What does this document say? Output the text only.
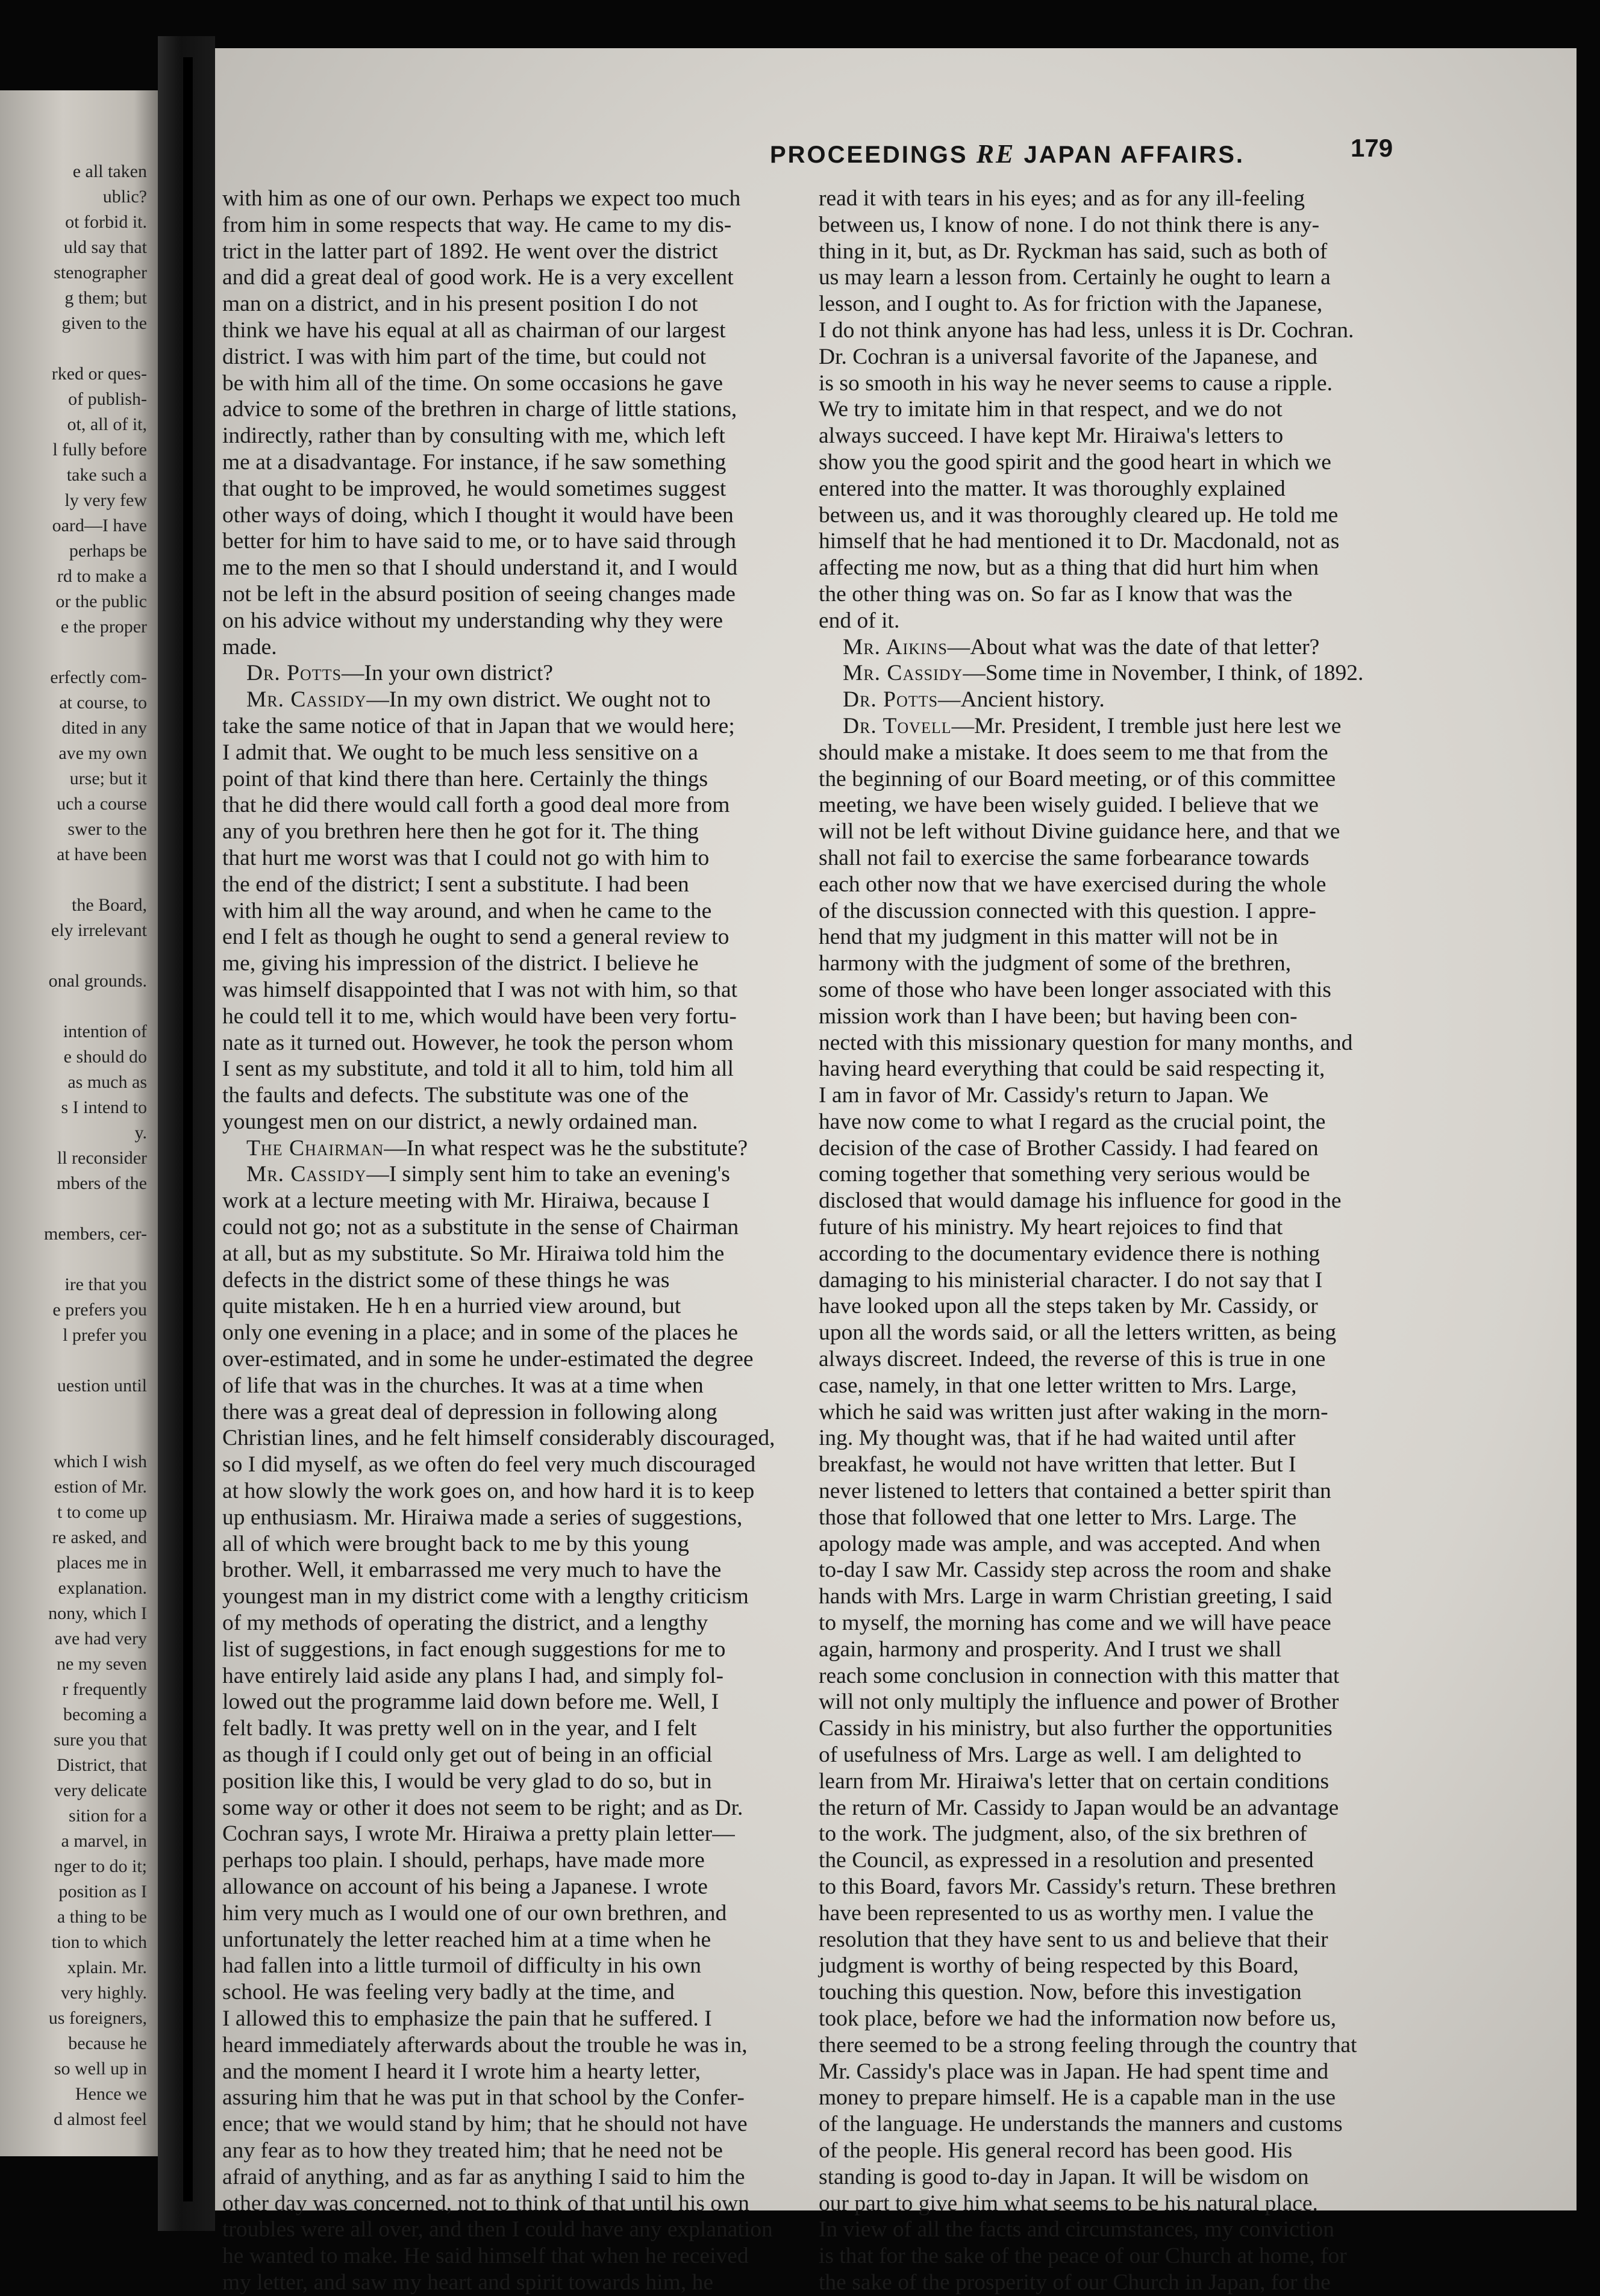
e all taken
ublic?
ot forbid it.
uld say that
stenographer
g them; but
given to the
rked or ques-
of publish-
ot, all of it,
l fully before
take such a
ly very few
oard—I have
perhaps be
rd to make a
or the public
e the proper
erfectly com-
at course, to
dited in any
ave my own
urse; but it
uch a course
swer to the
at have been
the Board,
ely irrelevant
onal grounds.
intention of
e should do
as much as
s I intend to
y.
ll reconsider
mbers of the
members, cer-
ire that you
e prefers you
l prefer you
uestion until
which I wish
estion of Mr.
t to come up
re asked, and
places me in
explanation.
nony, which I
ave had very
ne my seven
r frequently
becoming a
sure you that
District, that
very delicate
sition for a
a marvel, in
nger to do it;
position as I
a thing to be
tion to which
xplain. Mr.
very highly.
us foreigners,
because he
so well up in
Hence we
d almost feel
PROCEEDINGS RE JAPAN AFFAIRS.	179
with him as one of our own. Perhaps we expect too much
from him in some respects that way. He came to my dis-
trict in the latter part of 1892. He went over the district
and did a great deal of good work. He is a very excellent
man on a district, and in his present position I do not
think we have his equal at all as chairman of our largest
district. I was with him part of the time, but could not
be with him all of the time. On some occasions he gave
advice to some of the brethren in charge of little stations,
indirectly, rather than by consulting with me, which left
me at a disadvantage. For instance, if he saw something
that ought to be improved, he would sometimes suggest
other ways of doing, which I thought it would have been
better for him to have said to me, or to have said through
me to the men so that I should understand it, and I would
not be left in the absurd position of seeing changes made
on his advice without my understanding why they were
made.
Dr. Potts—In your own district?
Mr. Cassidy—In my own district. We ought not to
take the same notice of that in Japan that we would here;
I admit that. We ought to be much less sensitive on a
point of that kind there than here. Certainly the things
that he did there would call forth a good deal more from
any of you brethren here then he got for it. The thing
that hurt me worst was that I could not go with him to
the end of the district; I sent a substitute. I had been
with him all the way around, and when he came to the
end I felt as though he ought to send a general review to
me, giving his impression of the district. I believe he
was himself disappointed that I was not with him, so that
he could tell it to me, which would have been very fortu-
nate as it turned out. However, he took the person whom
I sent as my substitute, and told it all to him, told him all
the faults and defects. The substitute was one of the
youngest men on our district, a newly ordained man.
The Chairman—In what respect was he the substitute?
Mr. Cassidy—I simply sent him to take an evening's
work at a lecture meeting with Mr. Hiraiwa, because I
could not go; not as a substitute in the sense of Chairman
at all, but as my substitute. So Mr. Hiraiwa told him the
defects in the district some of these things he was
quite mistaken. He h en a hurried view around, but
only one evening in a place; and in some of the places he
over-estimated, and in some he under-estimated the degree
of life that was in the churches. It was at a time when
there was a great deal of depression in following along
Christian lines, and he felt himself considerably discouraged,
so I did myself, as we often do feel very much discouraged
at how slowly the work goes on, and how hard it is to keep
up enthusiasm. Mr. Hiraiwa made a series of suggestions,
all of which were brought back to me by this young
brother. Well, it embarrassed me very much to have the
youngest man in my district come with a lengthy criticism
of my methods of operating the district, and a lengthy
list of suggestions, in fact enough suggestions for me to
have entirely laid aside any plans I had, and simply fol-
lowed out the programme laid down before me. Well, I
felt badly. It was pretty well on in the year, and I felt
as though if I could only get out of being in an official
position like this, I would be very glad to do so, but in
some way or other it does not seem to be right; and as Dr.
Cochran says, I wrote Mr. Hiraiwa a pretty plain letter—
perhaps too plain. I should, perhaps, have made more
allowance on account of his being a Japanese. I wrote
him very much as I would one of our own brethren, and
unfortunately the letter reached him at a time when he
had fallen into a little turmoil of difficulty in his own
school. He was feeling very badly at the time, and
I allowed this to emphasize the pain that he suffered. I
heard immediately afterwards about the trouble he was in,
and the moment I heard it I wrote him a hearty letter,
assuring him that he was put in that school by the Confer-
ence; that we would stand by him; that he should not have
any fear as to how they treated him; that he need not be
afraid of anything, and as far as anything I said to him the
other day was concerned, not to think of that until his own
troubles were all over, and then I could have any explanation
he wanted to make. He said himself that when he received
my letter, and saw my heart and spirit towards him, he
read it with tears in his eyes; and as for any ill-feeling
between us, I know of none. I do not think there is any-
thing in it, but, as Dr. Ryckman has said, such as both of
us may learn a lesson from. Certainly he ought to learn a
lesson, and I ought to. As for friction with the Japanese,
I do not think anyone has had less, unless it is Dr. Cochran.
Dr. Cochran is a universal favorite of the Japanese, and
is so smooth in his way he never seems to cause a ripple.
We try to imitate him in that respect, and we do not
always succeed. I have kept Mr. Hiraiwa's letters to
show you the good spirit and the good heart in which we
entered into the matter. It was thoroughly explained
between us, and it was thoroughly cleared up. He told me
himself that he had mentioned it to Dr. Macdonald, not as
affecting me now, but as a thing that did hurt him when
the other thing was on. So far as I know that was the
end of it.
Mr. Aikins—About what was the date of that letter?
Mr. Cassidy—Some time in November, I think, of 1892.
Dr. Potts—Ancient history.
Dr. Tovell—Mr. President, I tremble just here lest we
should make a mistake. It does seem to me that from the
the beginning of our Board meeting, or of this committee
meeting, we have been wisely guided. I believe that we
will not be left without Divine guidance here, and that we
shall not fail to exercise the same forbearance towards
each other now that we have exercised during the whole
of the discussion connected with this question. I appre-
hend that my judgment in this matter will not be in
harmony with the judgment of some of the brethren,
some of those who have been longer associated with this
mission work than I have been; but having been con-
nected with this missionary question for many months, and
having heard everything that could be said respecting it,
I am in favor of Mr. Cassidy's return to Japan. We
have now come to what I regard as the crucial point, the
decision of the case of Brother Cassidy. I had feared on
coming together that something very serious would be
disclosed that would damage his influence for good in the
future of his ministry. My heart rejoices to find that
according to the documentary evidence there is nothing
damaging to his ministerial character. I do not say that I
have looked upon all the steps taken by Mr. Cassidy, or
upon all the words said, or all the letters written, as being
always discreet. Indeed, the reverse of this is true in one
case, namely, in that one letter written to Mrs. Large,
which he said was written just after waking in the morn-
ing. My thought was, that if he had waited until after
breakfast, he would not have written that letter. But I
never listened to letters that contained a better spirit than
those that followed that one letter to Mrs. Large. The
apology made was ample, and was accepted. And when
to-day I saw Mr. Cassidy step across the room and shake
hands with Mrs. Large in warm Christian greeting, I said
to myself, the morning has come and we will have peace
again, harmony and prosperity. And I trust we shall
reach some conclusion in connection with this matter that
will not only multiply the influence and power of Brother
Cassidy in his ministry, but also further the opportunities
of usefulness of Mrs. Large as well. I am delighted to
learn from Mr. Hiraiwa's letter that on certain conditions
the return of Mr. Cassidy to Japan would be an advantage
to the work. The judgment, also, of the six brethren of
the Council, as expressed in a resolution and presented
to this Board, favors Mr. Cassidy's return. These brethren
have been represented to us as worthy men. I value the
resolution that they have sent to us and believe that their
judgment is worthy of being respected by this Board,
touching this question. Now, before this investigation
took place, before we had the information now before us,
there seemed to be a strong feeling through the country that
Mr. Cassidy's place was in Japan. He had spent time and
money to prepare himself. He is a capable man in the use
of the language. He understands the manners and customs
of the people. His general record has been good. His
standing is good to-day in Japan. It will be wisdom on
our part to give him what seems to be his natural place.
In view of all the facts and circumstances, my conviction
is that for the sake of the peace of our Church at home, for
the sake of the prosperity of our Church in Japan, for the
